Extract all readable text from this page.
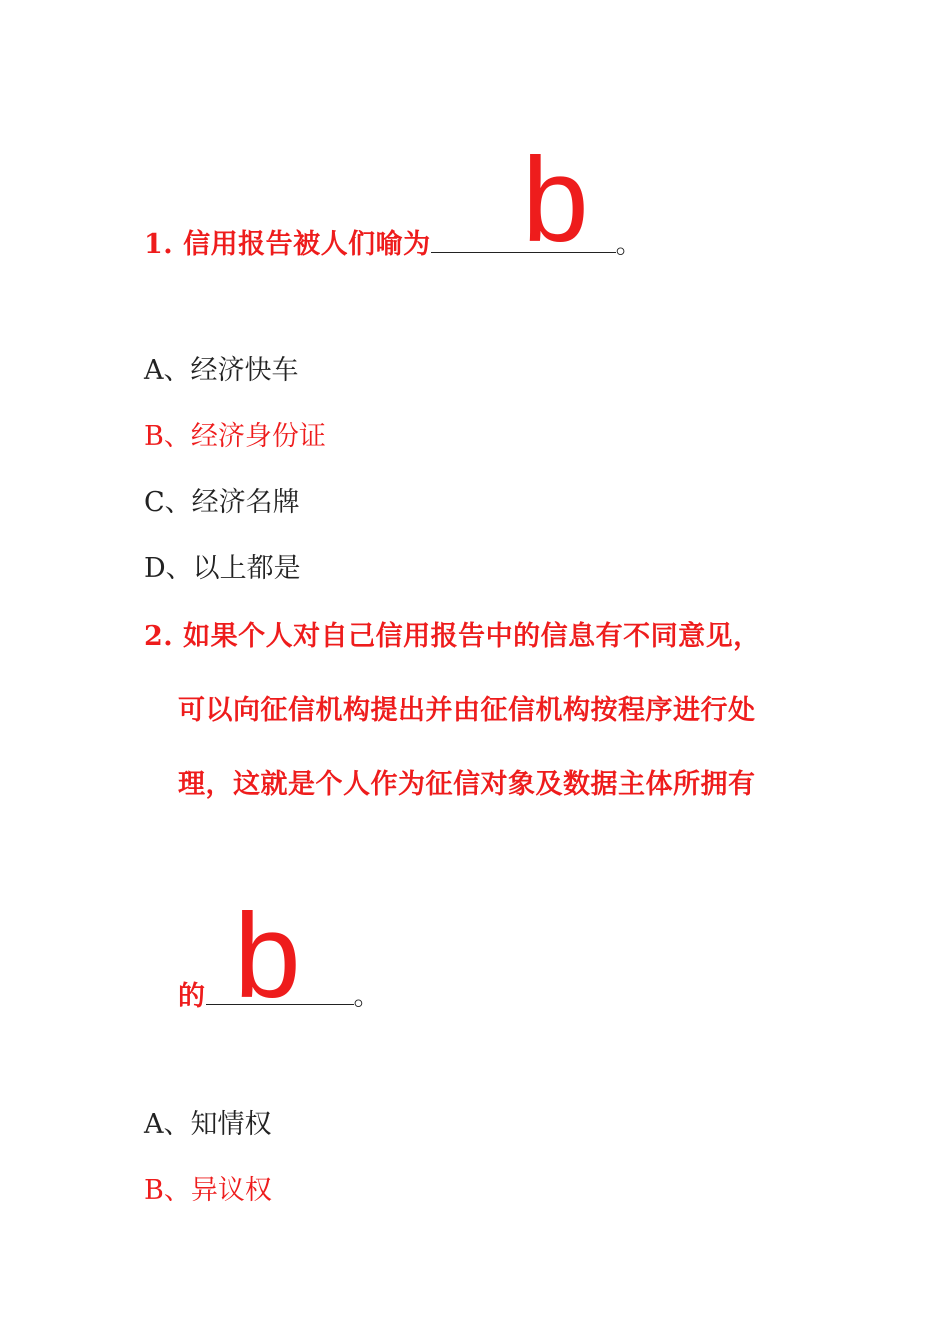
1. 信用报告被人们喻为	。
b
A、经济快车
B、经济身份证
C、经济名牌
D、以上都是
2. 如果个人对自己信用报告中的信息有不同意见，
可以向征信机构提出并由征信机构按程序进行处
理，这就是个人作为征信对象及数据主体所拥有
的	。
b
A、知情权
B、异议权
